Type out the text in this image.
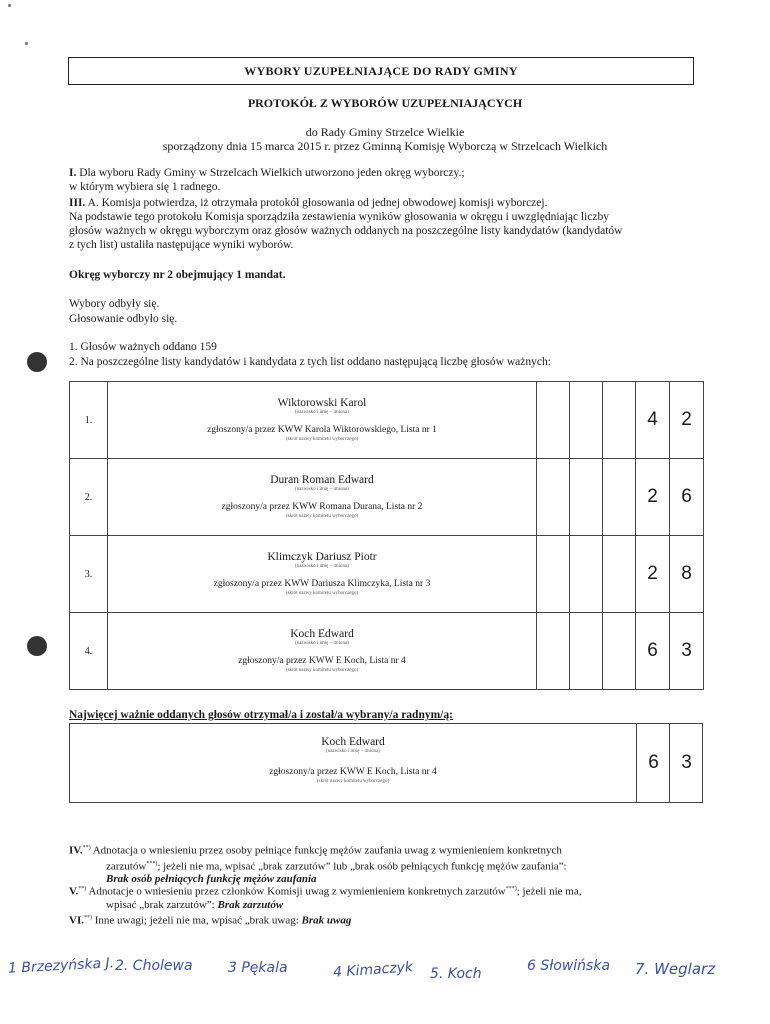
WYBORY UZUPEŁNIAJĄCE DO RADY GMINY
PROTOKÓŁ Z WYBORÓW UZUPEŁNIAJĄCYCH
do Rady Gminy Strzelce Wielkie
sporządzony dnia 15 marca 2015 r. przez Gminną Komisję Wyborczą w Strzelcach Wielkich
I. Dla wyboru Rady Gminy w Strzelcach Wielkich utworzono jeden okręg wyborczy.;
w którym wybiera się 1 radnego.
III. A. Komisja potwierdza, iż otrzymała protokół głosowania od jednej obwodowej komisji wyborczej.
Na podstawie tego protokołu Komisja sporządziła zestawienia wyników głosowania w okręgu i uwzględniając liczby
głosów ważnych w okręgu wyborczym oraz głosów ważnych oddanych na poszczególne listy kandydatów (kandydatów
z tych list) ustaliła następujące wyniki wyborów.
Okręg wyborczy nr 2 obejmujący 1 mandat.
Wybory odbyły się.
Głosowanie odbyło się.
1. Głosów ważnych oddano 159
2. Na poszczególne listy kandydatów i kandydata z tych list oddano następującą liczbę głosów ważnych:
1.	Wiktorowski Karol
(nazwisko i imię – imiona)
zgłoszony/a przez KWW Karola Wiktorowskiego, Lista nr 1
(skrót nazwy komitetu wyborczego)				4	2
2.	Duran Roman Edward
(nazwisko i imię – imiona)
zgłoszony/a przez KWW Romana Durana, Lista nr 2
(skrót nazwy komitetu wyborczego)				2	6
3.	Klimczyk Dariusz Piotr
(nazwisko i imię – imiona)
zgłoszony/a przez KWW Dariusza Klimczyka, Lista nr 3
(skrót nazwy komitetu wyborczego)				2	8
4.	Koch Edward
(nazwisko i imię – imiona)
zgłoszony/a przez KWW E Koch, Lista nr 4
(skrót nazwy komitetu wyborczego)				6	3
Najwięcej ważnie oddanych głosów otrzymał/a i został/a wybrany/a radnym/ą:
Koch Edward
(nazwisko i imię – imiona)
zgłoszony/a przez KWW E Koch, Lista nr 4
(skrót nazwy komitetu wyborczego)
6	3
IV.**) Adnotacja o wniesieniu przez osoby pełniące funkcję mężów zaufania uwag z wymienieniem konkretnych
zarzutów***); jeżeli nie ma, wpisać „brak zarzutów” lub „brak osób pełniących funkcję mężów zaufania”:
Brak osób pełniących funkcję mężów zaufania
V.**) Adnotacje o wniesieniu przez członków Komisji uwag z wymienieniem konkretnych zarzutów***); jeżeli nie ma,
wpisać „brak zarzutów”: Brak zarzutów
VI.**) Inne uwagi; jeżeli nie ma, wpisać „brak uwag: Brak uwag
1 Brzezyńska J. 2. Cholewa	3 Pękala	4 Kimaczyk 5. Koch	6 Słowińska 7. Weglarz
